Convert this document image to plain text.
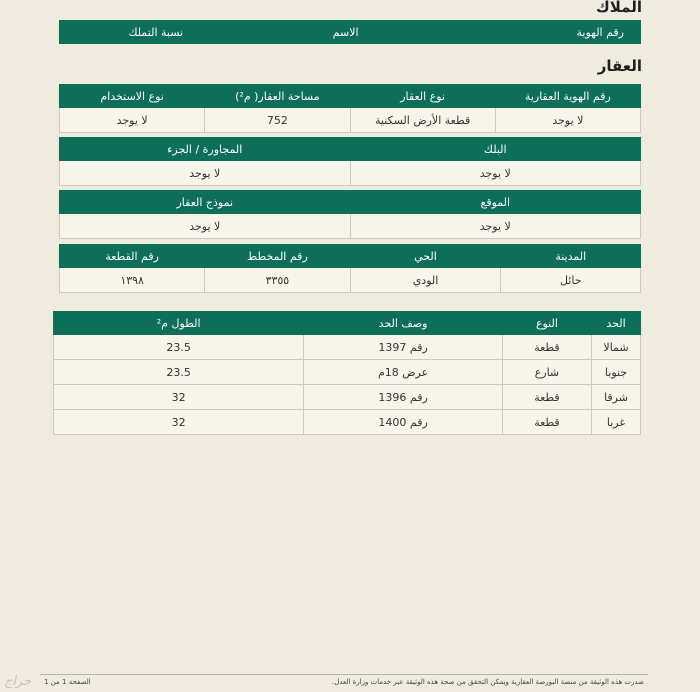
الملاك
رقم الهوية	الاسم	نسبة التملك
العقار
رقم الهوية العقارية	نوع العقار	مساحة العقار( م²)	نوع الاستخدام
لا يوجد	قطعة الأرض السكنية	752	لا يوجد
البلك	المجاورة / الجزء
لا يوجد	لا يوجد
الموقع	نموذج العقار
لا يوجد	لا يوجد
المدينة	الحي	رقم المخطط	رقم القطعة
حائل	الودي	٣٣٥٥	١٣٩٨
الحد	النوع	وصف الحد	الطول م²
شمالا	قطعة	رقم 1397	23.5
جنوبا	شارع	عرض 18م	23.5
شرقا	قطعة	رقم 1396	32
غربا	قطعة	رقم 1400	32
صدرت هذه الوثيقة من منصة البورصة العقارية ويمكن التحقق من صحة هذه الوثيقة عبر خدمات وزارة العدل.
الصفحة 1 من 1
حراج
